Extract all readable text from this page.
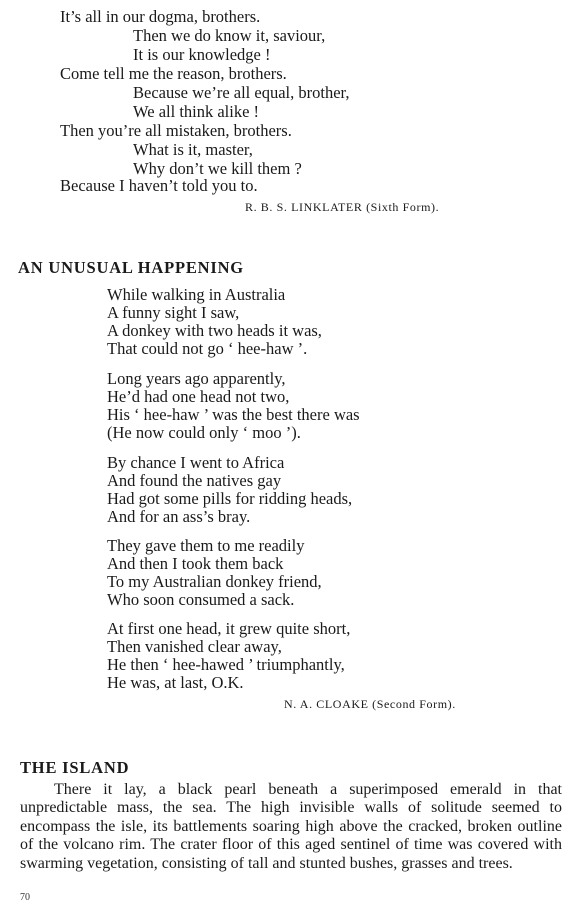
It’s all in our dogma, brothers.
Then we do know it, saviour,
It is our knowledge !
Come tell me the reason, brothers.
Because we’re all equal, brother,
We all think alike !
Then you’re all mistaken, brothers.
What is it, master,
Why don’t we kill them ?
Because I haven’t told you to.
R. B. S. LINKLATER (Sixth Form).
AN UNUSUAL HAPPENING
While walking in Australia
A funny sight I saw,
A donkey with two heads it was,
That could not go ‘ hee-haw ’.
Long years ago apparently,
He’d had one head not two,
His ‘ hee-haw ’ was the best there was
(He now could only ‘ moo ’).
By chance I went to Africa
And found the natives gay
Had got some pills for ridding heads,
And for an ass’s bray.
They gave them to me readily
And then I took them back
To my Australian donkey friend,
Who soon consumed a sack.
At first one head, it grew quite short,
Then vanished clear away,
He then ‘ hee-hawed ’ triumphantly,
He was, at last, O.K.
N. A. CLOAKE (Second Form).
THE ISLAND

There it lay, a black pearl beneath a superimposed emerald in that unpredictable mass, the sea. The high invisible walls of solitude seemed to encompass the isle, its battlements soaring high above the cracked, broken outline of the volcano rim. The crater floor of this aged sentinel of time was covered with swarming vegetation, consisting of tall and stunted bushes, grasses and trees.

70
